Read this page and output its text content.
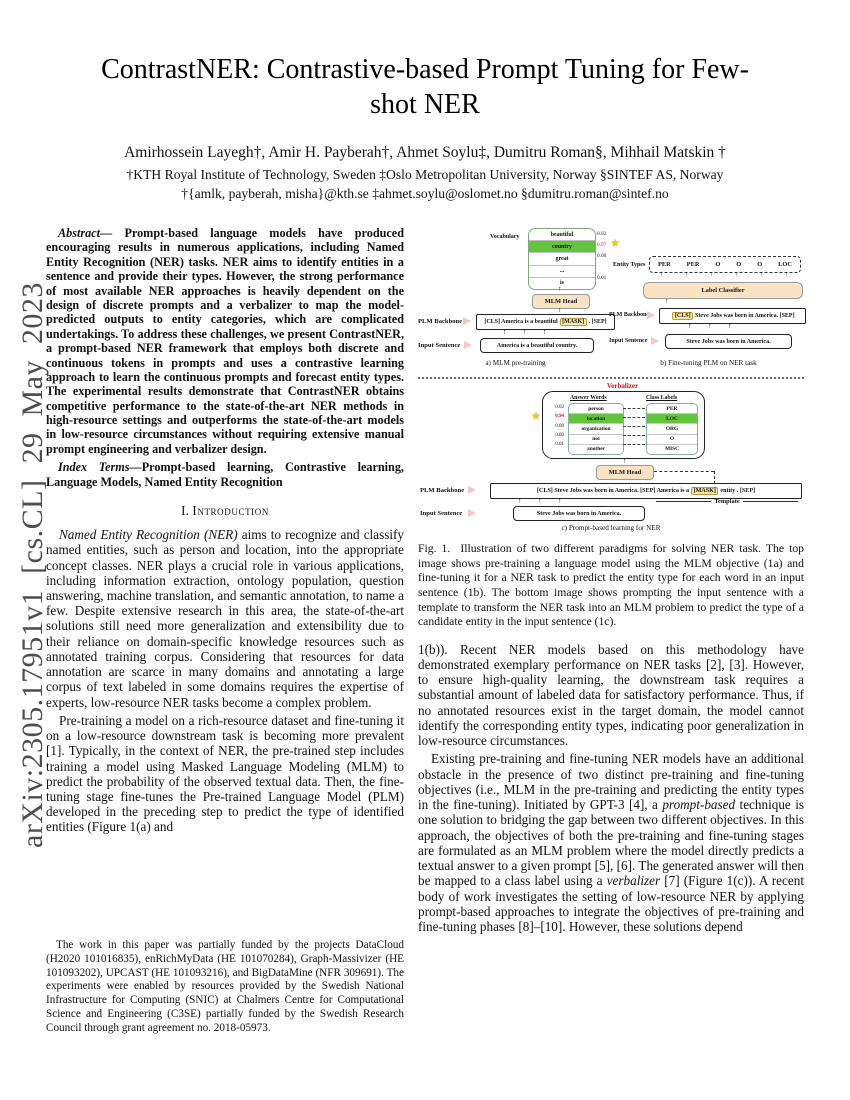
arXiv:2305.17951v1 [cs.CL] 29 May 2023
ContrastNER: Contrastive-based Prompt Tuning for Few-shot NER
Amirhossein Layegh†, Amir H. Payberah†, Ahmet Soylu‡, Dumitru Roman§, Mihhail Matskin †
†KTH Royal Institute of Technology, Sweden ‡Oslo Metropolitan University, Norway §SINTEF AS, Norway
†{amlk, payberah, misha}@kth.se ‡ahmet.soylu@oslomet.no §dumitru.roman@sintef.no

Abstract— Prompt-based language models have produced encouraging results in numerous applications, including Named Entity Recognition (NER) tasks. NER aims to identify entities in a sentence and provide their types. However, the strong performance of most available NER approaches is heavily dependent on the design of discrete prompts and a verbalizer to map the model-predicted outputs to entity categories, which are complicated undertakings. To address these challenges, we present ContrastNER, a prompt-based NER framework that employs both discrete and continuous tokens in prompts and uses a contrastive learning approach to learn the continuous prompts and forecast entity types. The experimental results demonstrate that ContrastNER obtains competitive performance to the state-of-the-art NER methods in high-resource settings and outperforms the state-of-the-art models in low-resource circumstances without requiring extensive manual prompt engineering and verbalizer design.

Index Terms—Prompt-based learning, Contrastive learning, Language Models, Named Entity Recognition

I. Introduction

Named Entity Recognition (NER) aims to recognize and classify named entities, such as person and location, into the appropriate concept classes. NER plays a crucial role in various applications, including information extraction, ontology population, question answering, machine translation, and semantic annotation, to name a few. Despite extensive research in this area, the state-of-the-art solutions still need more generalization and extensibility due to their reliance on domain-specific knowledge resources such as annotated training corpus. Considering that resources for data annotation are scarce in many domains and annotating a large corpus of text labeled in some domains requires the expertise of experts, low-resource NER tasks become a complex problem.

Pre-training a model on a rich-resource dataset and fine-tuning it on a low-resource downstream task is becoming more prevalent [1]. Typically, in the context of NER, the pre-trained step includes training a model using Masked Language Modeling (MLM) to predict the probability of the observed textual data. Then, the fine-tuning stage fine-tunes the Pre-trained Language Model (PLM) developed in the preceding step to predict the type of identified entities (Figure 1(a) and

The work in this paper was partially funded by the projects DataCloud (H2020 101016835), enRichMyData (HE 101070284), Graph-Massivizer (HE 101093202), UPCAST (HE 101093216), and BigDataMine (NFR 309691). The experiments were enabled by resources provided by the Swedish National Infrastructure for Computing (SNIC) at Chalmers Centre for Computational Science and Engineering (C3SE) partially funded by the Swedish Research Council through grant agreement no. 2018-05973.
Vocabulary	beautiful
country
great
...
is
0.02
0.97
0.00
0.01
★
↑
MLM Head
↑
PLM Backbone	[CLS] America is a beautiful [MASK] . [SEP]
↑ ↑ ↑
Input Sentence	America is a beautiful country.
a) MLM pre-training
Entity Types PER PER O O O LOC
↑	↑	↑	↑	↑	↑
Label Classifier
↑
PLM Backbone	[CLS] Steve Jobs was born in America. [SEP]
↑ ↑ ↑
Input Sentence	Steve Jobs was born in America.
b) Fine-tuning PLM on NER task
Verbalizer
Answer Words	Class Labels
0.02
0.94
0.00
0.00
0.01
★
person
location
organization
not
another
PER
LOC
ORG
O
MISC
↑
MLM Head
PLM Backbone	[CLS] Steve Jobs was born in America. [SEP] America is a [MASK] entity . [SEP]
↑ ↑ ↑	Template
Input Sentence	Steve Jobs was born in America.
c) Prompt-based learning for NER
Fig. 1. Illustration of two different paradigms for solving NER task. The top image shows pre-training a language model using the MLM objective (1a) and fine-tuning it for a NER task to predict the entity type for each word in an input sentence (1b). The bottom image shows prompting the input sentence with a template to transform the NER task into an MLM problem to predict the type of a candidate entity in the input sentence (1c).

1(b)). Recent NER models based on this methodology have demonstrated exemplary performance on NER tasks [2], [3]. However, to ensure high-quality learning, the downstream task requires a substantial amount of labeled data for satisfactory performance. Thus, if no annotated resources exist in the target domain, the model cannot identify the corresponding entity types, indicating poor generalization in low-resource circumstances.

Existing pre-training and fine-tuning NER models have an additional obstacle in the presence of two distinct pre-training and fine-tuning objectives (i.e., MLM in the pre-training and predicting the entity types in the fine-tuning). Initiated by GPT-3 [4], a prompt-based technique is one solution to bridging the gap between two different objectives. In this approach, the objectives of both the pre-training and fine-tuning stages are formulated as an MLM problem where the model directly predicts a textual answer to a given prompt [5], [6]. The generated answer will then be mapped to a class label using a verbalizer [7] (Figure 1(c)). A recent body of work investigates the setting of low-resource NER by applying prompt-based approaches to integrate the objectives of pre-training and fine-tuning phases [8]–[10]. However, these solutions depend
